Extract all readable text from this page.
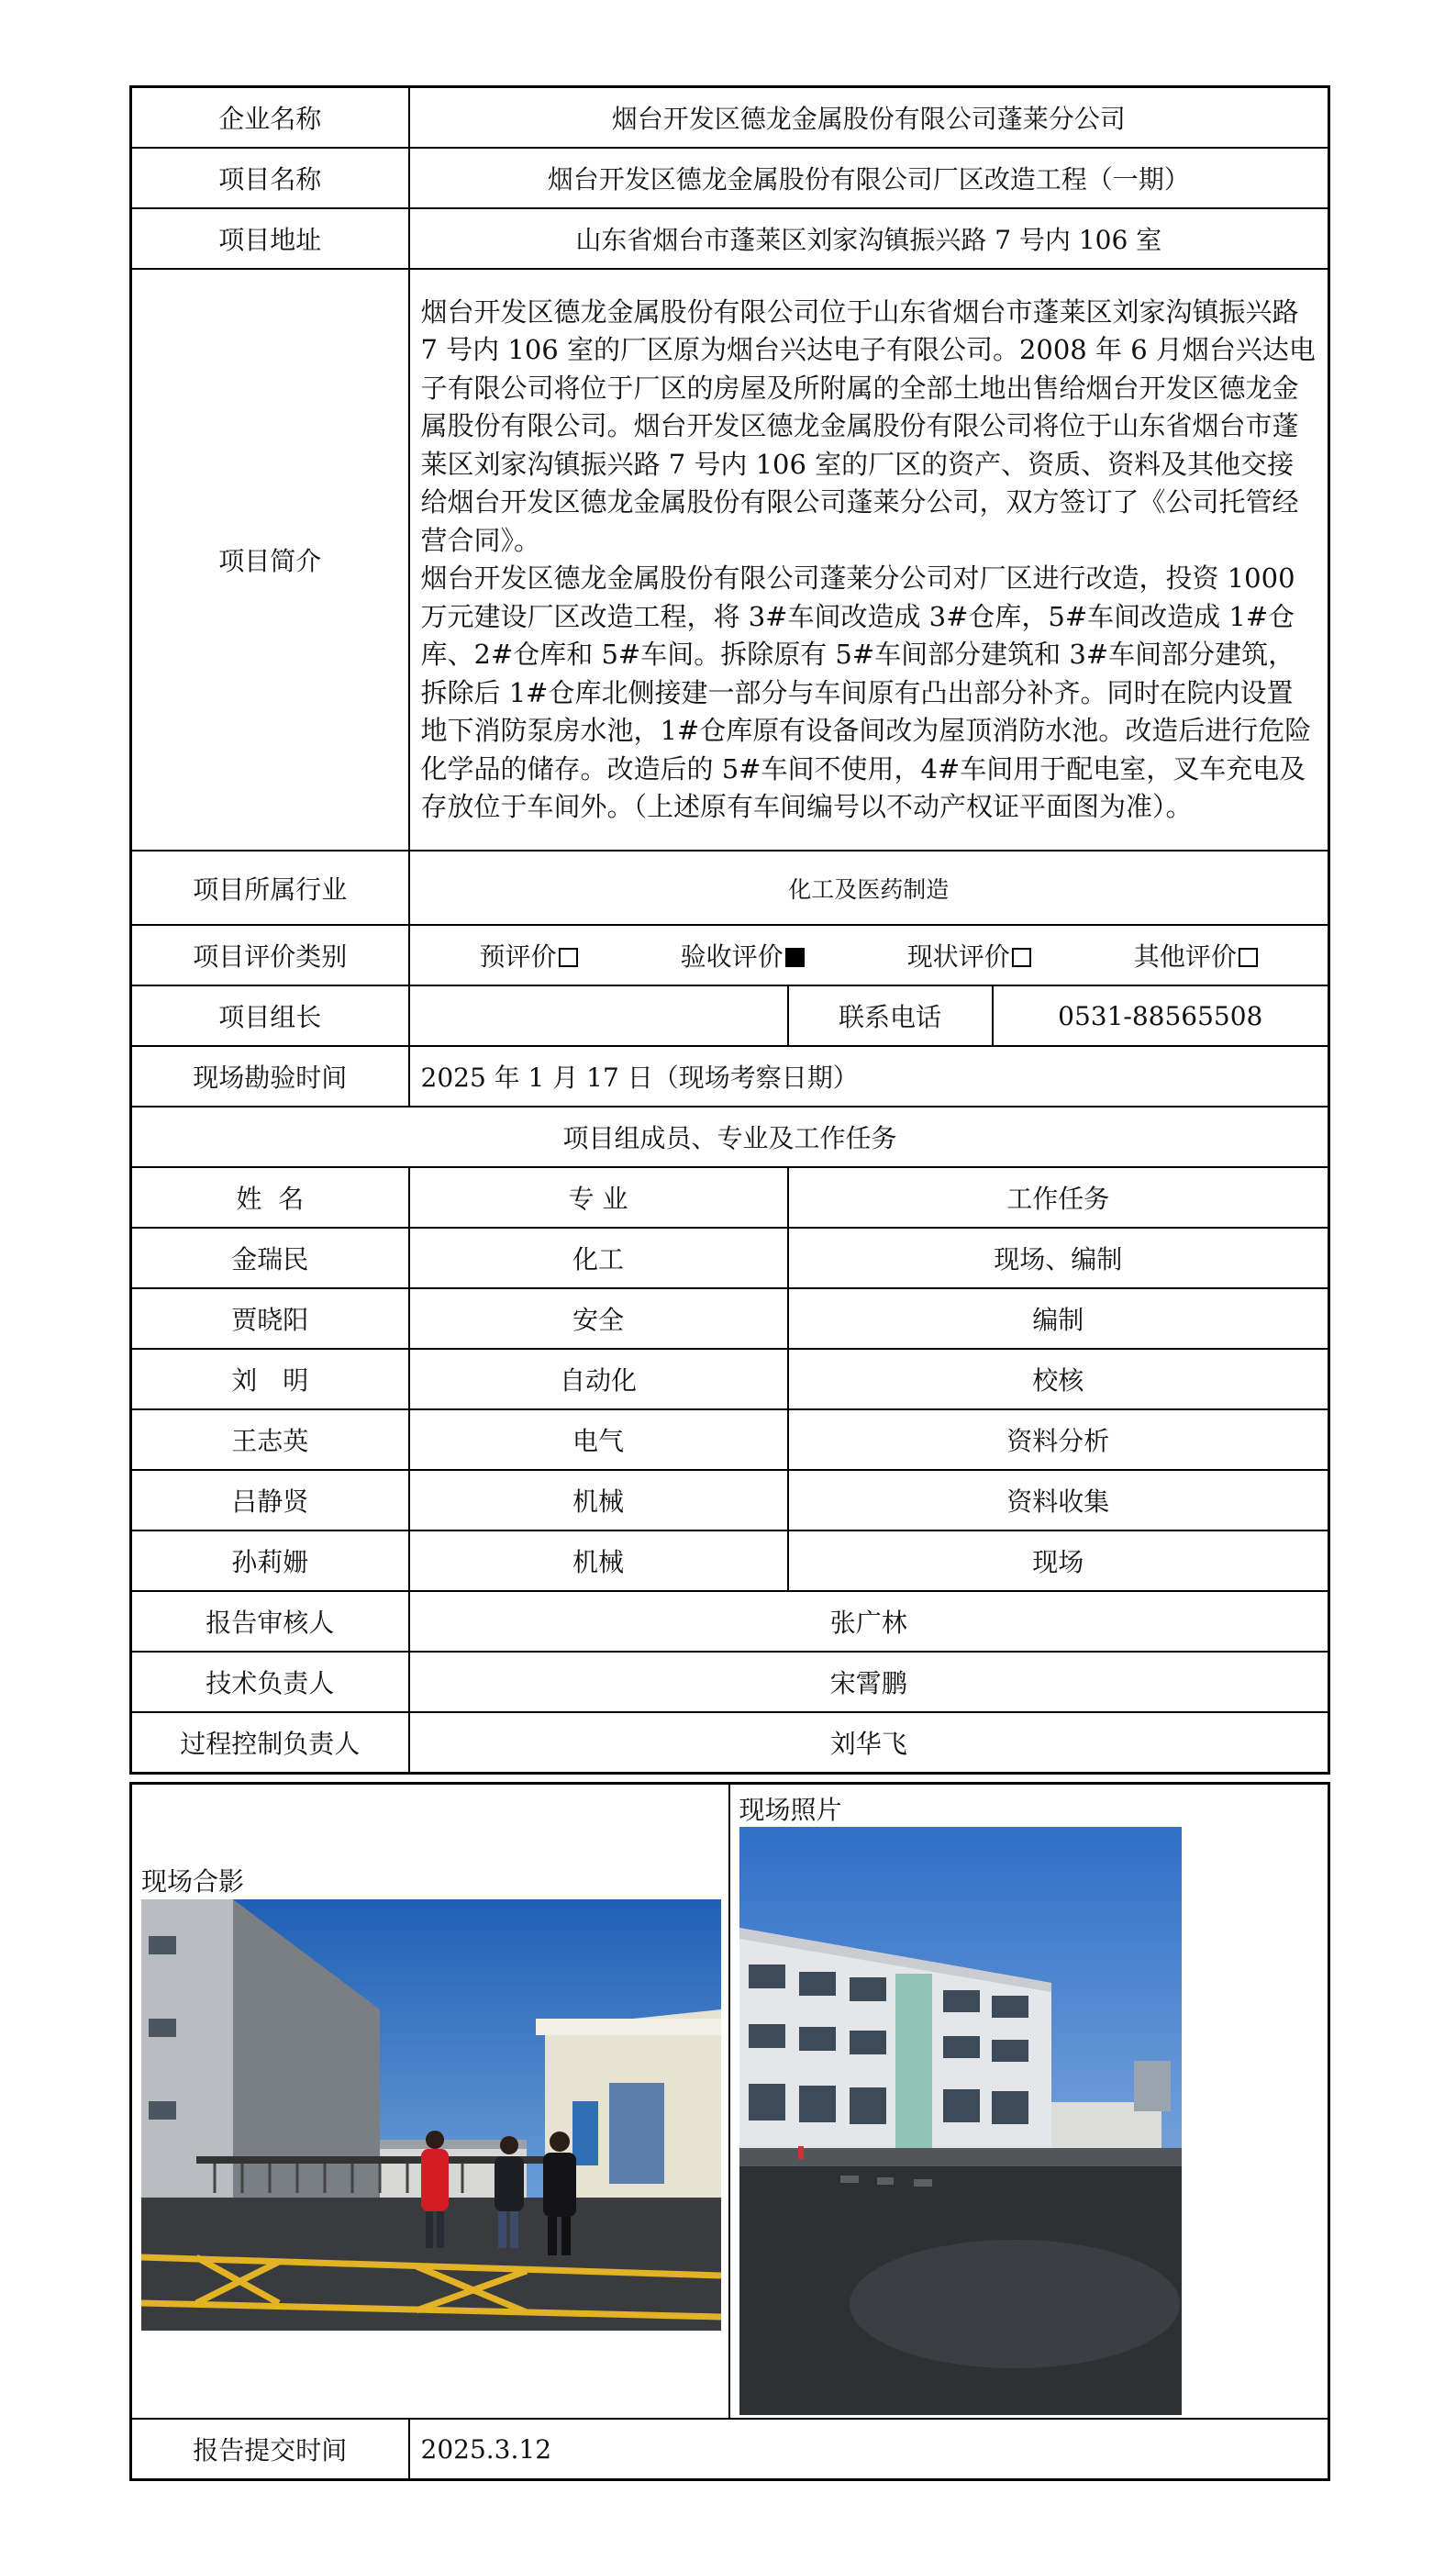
企业名称	烟台开发区德龙金属股份有限公司蓬莱分公司		
项目名称	烟台开发区德龙金属股份有限公司厂区改造工程（一期）		
项目地址	山东省烟台市蓬莱区刘家沟镇振兴路 7 号内 106 室		
项目简介	烟台开发区德龙金属股份有限公司位于山东省烟台市蓬莱区刘家沟镇振兴路 7 号内 106 室的厂区原为烟台兴达电子有限公司。2008 年 6 月烟台兴达电子有限公司将位于厂区的房屋及所附属的全部土地出售给烟台开发区德龙金属股份有限公司。烟台开发区德龙金属股份有限公司将位于山东省烟台市蓬莱区刘家沟镇振兴路 7 号内 106 室的厂区的资产、资质、资料及其他交接给烟台开发区德龙金属股份有限公司蓬莱分公司，双方签订了《公司托管经营合同》。

烟台开发区德龙金属股份有限公司蓬莱分公司对厂区进行改造，投资 1000 万元建设厂区改造工程，将 3#车间改造成 3#仓库，5#车间改造成 1#仓库、2#仓库和 5#车间。拆除原有 5#车间部分建筑和 3#车间部分建筑，拆除后 1#仓库北侧接建一部分与车间原有凸出部分补齐。同时在院内设置地下消防泵房水池，1#仓库原有设备间改为屋顶消防水池。改造后进行危险化学品的储存。改造后的 5#车间不使用，4#车间用于配电室，叉车充电及存放位于车间外。（上述原有车间编号以不动产权证平面图为准）。		

项目所属行业	化工及医药制造		
项目评价类别	预评价 验收评价 现状评价 其他评价		

项目组长		联系电话	0531-88565508
现场勘验时间	2025 年 1 月 17 日（现场考察日期）		
项目组成员、专业及工作任务			
姓  名	专 业	工作任务	
金瑞民	化工	现场、编制	
贾晓阳	安全	编制	
刘　明	自动化	校核	
王志英	电气	资料分析	
吕静贤	机械	资料收集	
孙莉姗	机械	现场	
报告审核人	张广林		
技术负责人	宋霄鹏		
过程控制负责人	刘华飞		
现场合影		现场照片

报告提交时间	2025.3.12	
